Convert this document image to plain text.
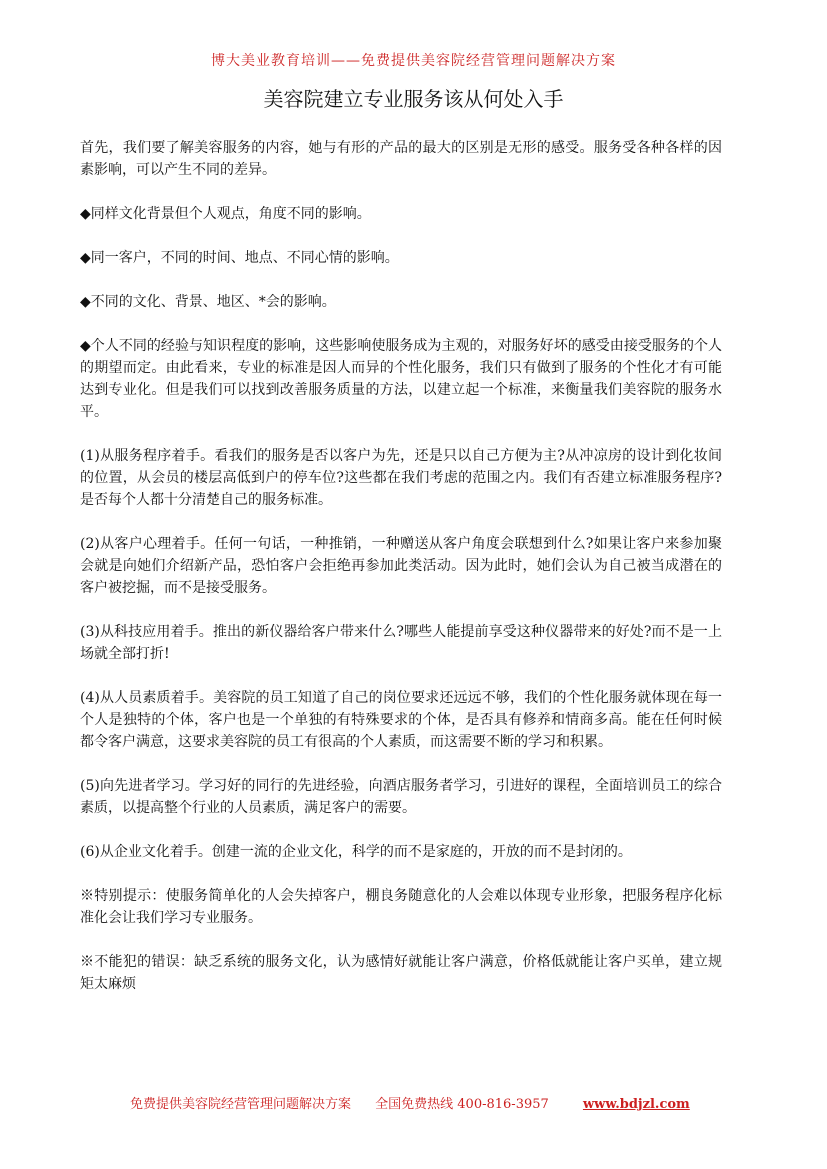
博大美业教育培训——免费提供美容院经营管理问题解决方案
美容院建立专业服务该从何处入手

首先，我们要了解美容服务的内容，她与有形的产品的最大的区别是无形的感受。服务受各种各样的因素影响，可以产生不同的差异。

◆同样文化背景但个人观点，角度不同的影响。

◆同一客户，不同的时间、地点、不同心情的影响。

◆不同的文化、背景、地区、*会的影响。

◆个人不同的经验与知识程度的影响，这些影响使服务成为主观的，对服务好坏的感受由接受服务的个人的期望而定。由此看来，专业的标准是因人而异的个性化服务，我们只有做到了服务的个性化才有可能达到专业化。但是我们可以找到改善服务质量的方法，以建立起一个标准，来衡量我们美容院的服务水平。

(1)从服务程序着手。看我们的服务是否以客户为先，还是只以自己方便为主?从冲凉房的设计到化妆间的位置，从会员的楼层高低到户的停车位?这些都在我们考虑的范围之内。我们有否建立标准服务程序?是否每个人都十分清楚自己的服务标准。

(2)从客户心理着手。任何一句话，一种推销，一种赠送从客户角度会联想到什么?如果让客户来参加聚会就是向她们介绍新产品，恐怕客户会拒绝再参加此类活动。因为此时，她们会认为自己被当成潜在的客户被挖掘，而不是接受服务。

(3)从科技应用着手。推出的新仪器给客户带来什么?哪些人能提前享受这种仪器带来的好处?而不是一上场就全部打折!

(4)从人员素质着手。美容院的员工知道了自己的岗位要求还远远不够，我们的个性化服务就体现在每一个人是独特的个体，客户也是一个单独的有特殊要求的个体，是否具有修养和情商多高。能在任何时候都令客户满意，这要求美容院的员工有很高的个人素质，而这需要不断的学习和积累。

(5)向先进者学习。学习好的同行的先进经验，向酒店服务者学习，引进好的课程，全面培训员工的综合素质，以提高整个行业的人员素质，满足客户的需要。

(6)从企业文化着手。创建一流的企业文化，科学的而不是家庭的，开放的而不是封闭的。

※特别提示：使服务简单化的人会失掉客户，棚良务随意化的人会难以体现专业形象，把服务程序化标准化会让我们学习专业服务。

※不能犯的错误：缺乏系统的服务文化，认为感情好就能让客户满意，价格低就能让客户买单，建立规矩太麻烦

免费提供美容院经营管理问题解决方案 全国免费热线 400-816-3957	www.bdjzl.com
